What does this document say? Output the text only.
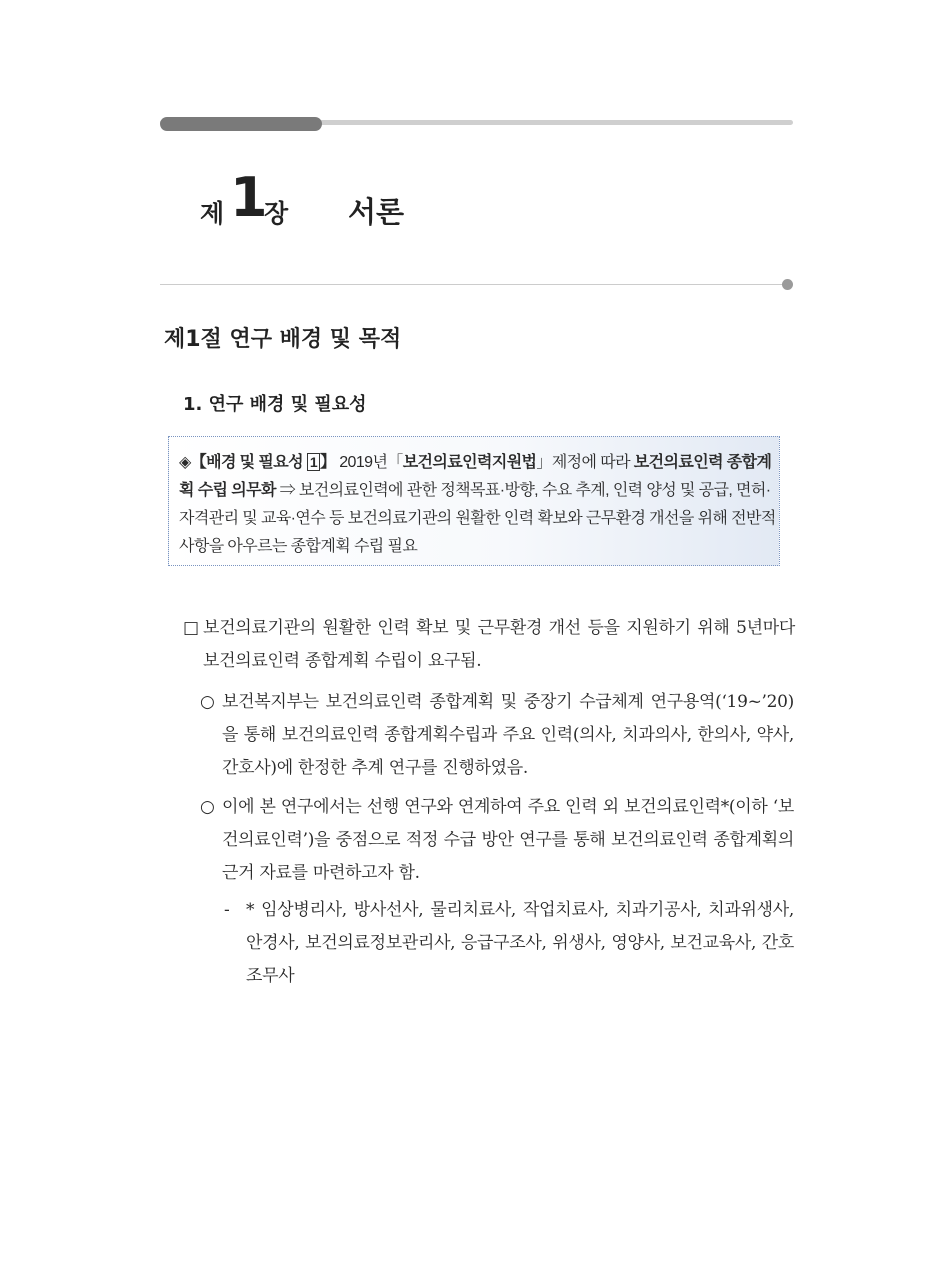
제 1
장 서론
제1절 연구 배경 및 목적
1. 연구 배경 및 필요성
◈【배경 및 필요성 1 】 2019년「보건의료인력지원법」제정에 따라 보건의료인력 종합계획 수립 의무화 ⇒ 보건의료인력에 관한 정책목표·방향, 수요 추계, 인력 양성 및 공급, 면허·자격관리 및 교육·연수 등 보건의료기관의 원활한 인력 확보와 근무환경 개선을 위해 전반적 사항을 아우르는 종합계획 수립 필요
□ 보건의료기관의 원활한 인력 확보 및 근무환경 개선 등을 지원하기 위해 5년마다 보건의료인력 종합계획 수립이 요구됨.
○ 보건복지부는 보건의료인력 종합계획 및 중장기 수급체계 연구용역(‘19~’20)을 통해 보건의료인력 종합계획수립과 주요 인력(의사, 치과의사, 한의사, 약사, 간호사)에 한정한 추계 연구를 진행하였음.
○ 이에 본 연구에서는 선행 연구와 연계하여 주요 인력 외 보건의료인력*(이하 ‘보건의료인력’)을 중점으로 적정 수급 방안 연구를 통해 보건의료인력 종합계획의 근거 자료를 마련하고자 함.
- * 임상병리사, 방사선사, 물리치료사, 작업치료사, 치과기공사, 치과위생사, 안경사, 보건의료정보관리사, 응급구조사, 위생사, 영양사, 보건교육사, 간호조무사
